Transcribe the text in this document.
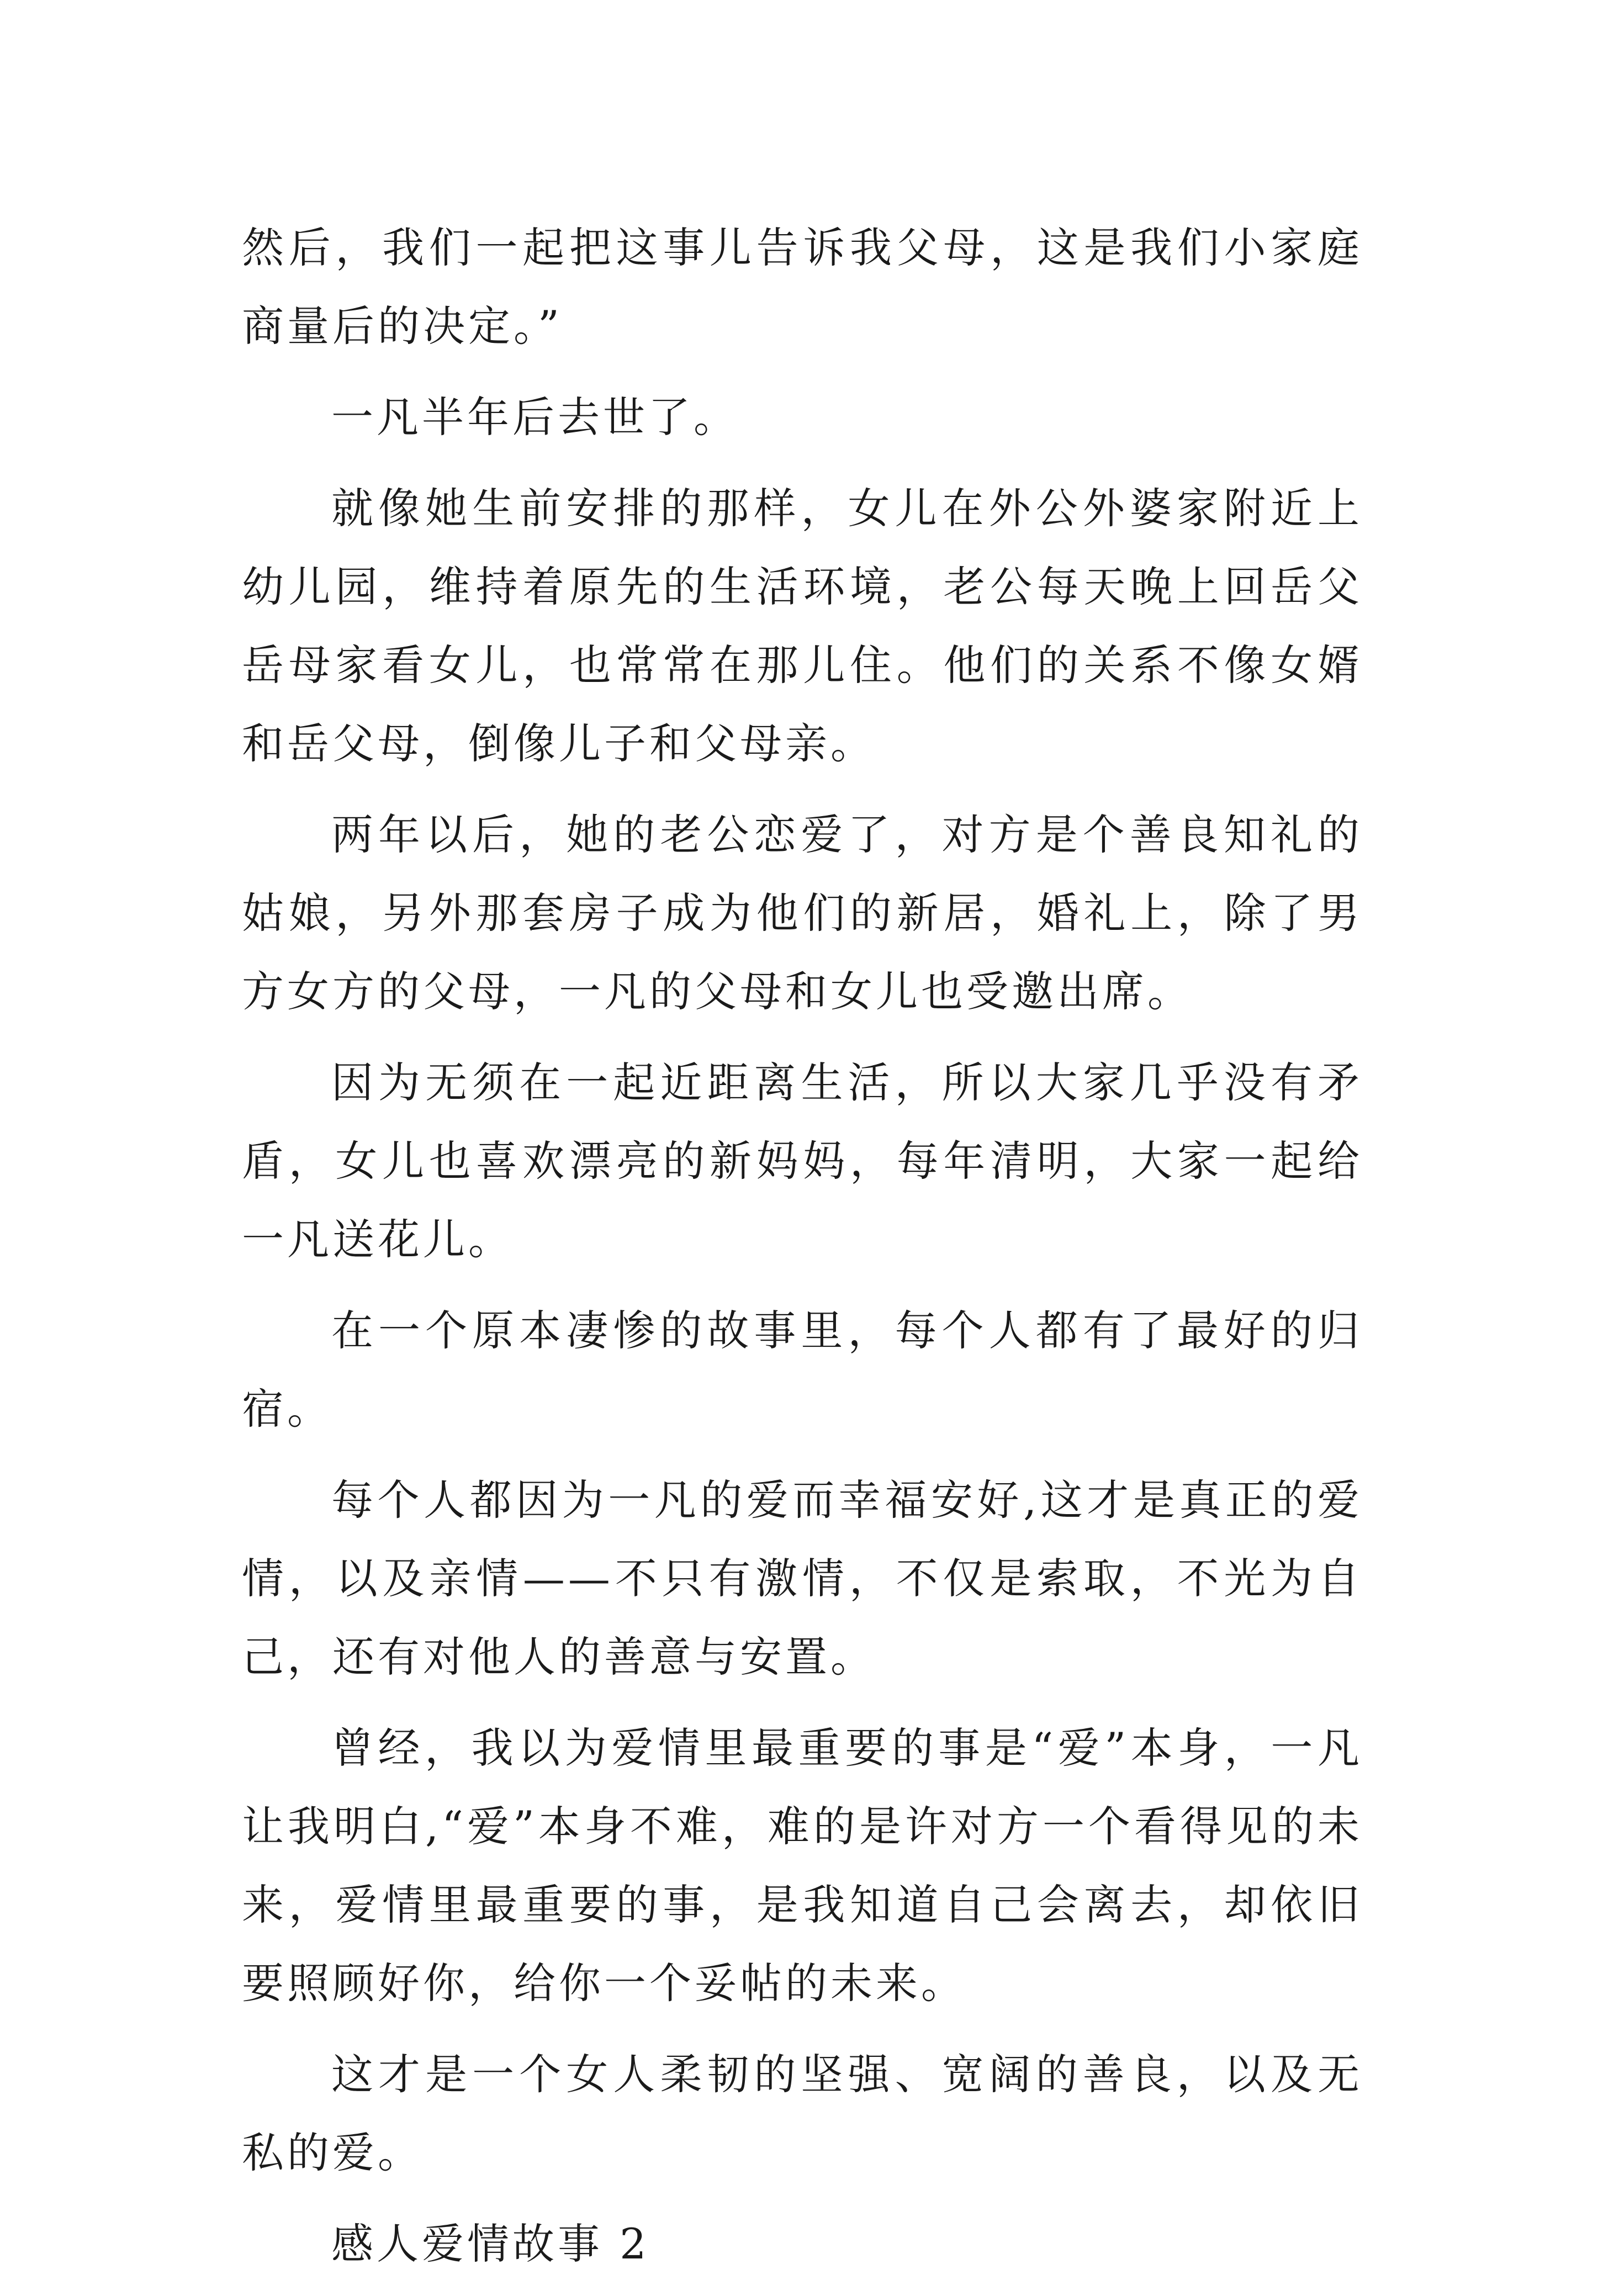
然后，我们一起把这事儿告诉我父母，这是我们小家庭商量后的决定。”

一凡半年后去世了。

就像她生前安排的那样，女儿在外公外婆家附近上幼儿园，维持着原先的生活环境，老公每天晚上回岳父岳母家看女儿，也常常在那儿住。他们的关系不像女婿和岳父母，倒像儿子和父母亲。

两年以后，她的老公恋爱了，对方是个善良知礼的姑娘，另外那套房子成为他们的新居，婚礼上，除了男方女方的父母，一凡的父母和女儿也受邀出席。

因为无须在一起近距离生活，所以大家几乎没有矛盾，女儿也喜欢漂亮的新妈妈，每年清明，大家一起给一凡送花儿。

在一个原本凄惨的故事里，每个人都有了最好的归宿。

每个人都因为一凡的爱而幸福安好,这才是真正的爱情，以及亲情——不只有激情，不仅是索取，不光为自己，还有对他人的善意与安置。

曾经，我以为爱情里最重要的事是“爱”本身，一凡让我明白,“爱”本身不难，难的是许对方一个看得见的未来，爱情里最重要的事，是我知道自己会离去，却依旧要照顾好你，给你一个妥帖的未来。

这才是一个女人柔韧的坚强、宽阔的善良，以及无私的爱。

感人爱情故事 2
